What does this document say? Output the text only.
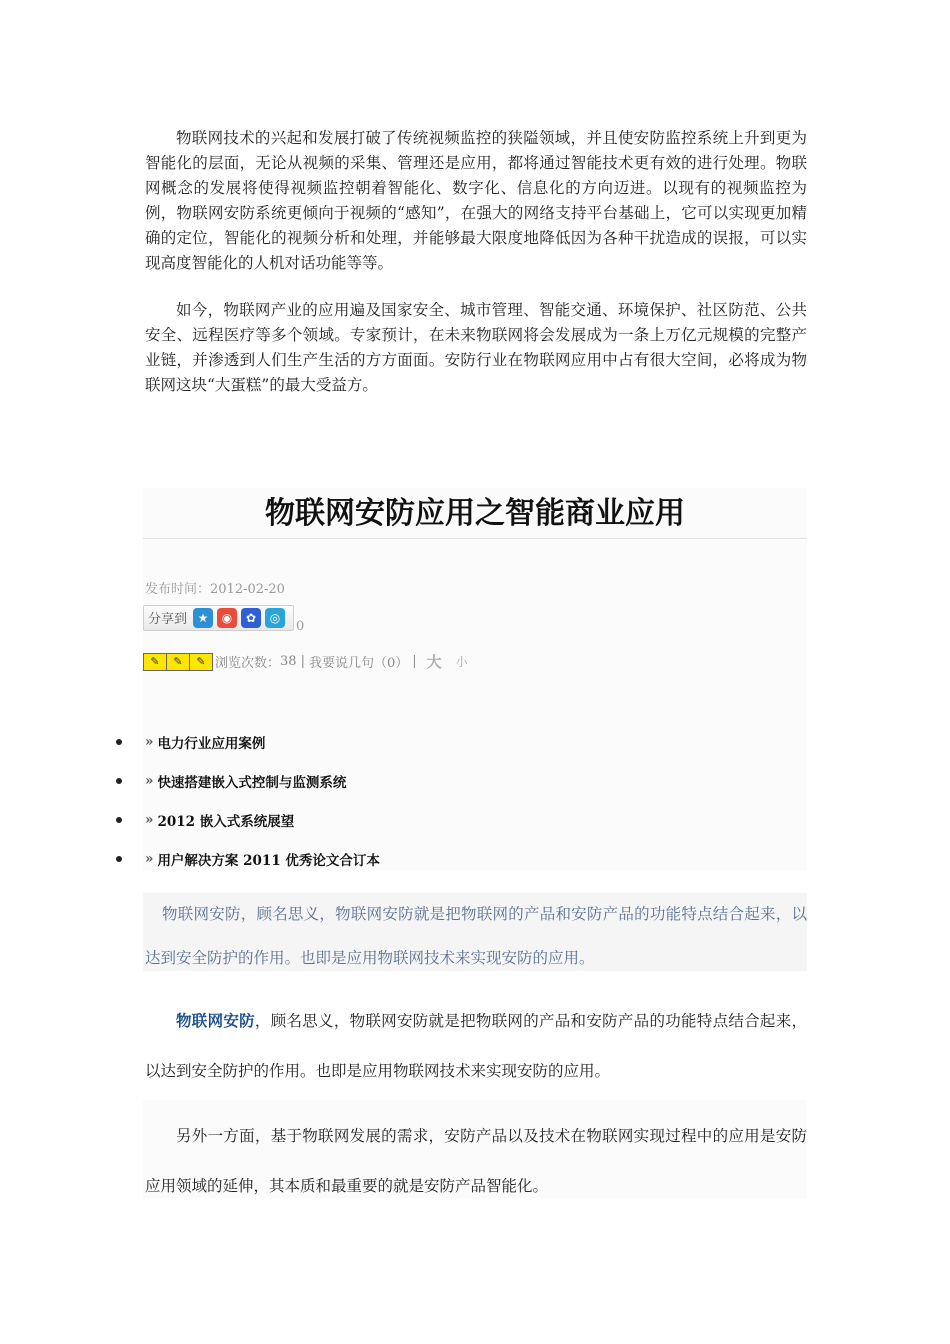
物联网技术的兴起和发展打破了传统视频监控的狭隘领域，并且使安防监控系统上升到更为智能化的层面，无论从视频的采集、管理还是应用，都将通过智能技术更有效的进行处理。物联网概念的发展将使得视频监控朝着智能化、数字化、信息化的方向迈进。以现有的视频监控为例，物联网安防系统更倾向于视频的“感知”，在强大的网络支持平台基础上，它可以实现更加精确的定位，智能化的视频分析和处理，并能够最大限度地降低因为各种干扰造成的误报，可以实现高度智能化的人机对话功能等等。

如今，物联网产业的应用遍及国家安全、城市管理、智能交通、环境保护、社区防范、公共安全、远程医疗等多个领域。专家预计，在未来物联网将会发展成为一条上万亿元规模的完整产业链，并渗透到人们生产生活的方方面面。安防行业在物联网应用中占有很大空间，必将成为物联网这块“大蛋糕”的最大受益方。

物联网安防应用之智能商业应用
发布时间：2012-02-20
分享到 ★	◉	✿	◎
0
✎	✎	✎ 浏览次数： 38 | 我要说几句（0） | 大 小
» 电力行业应用案例
» 快速搭建嵌入式控制与监测系统
» 2012 嵌入式系统展望
» 用户解决方案 2011 优秀论文合订本

物联网安防，顾名思义，物联网安防就是把物联网的产品和安防产品的功能特点结合起来，以达到安全防护的作用。也即是应用物联网技术来实现安防的应用。

物联网安防，顾名思义，物联网安防就是把物联网的产品和安防产品的功能特点结合起来，以达到安全防护的作用。也即是应用物联网技术来实现安防的应用。

另外一方面，基于物联网发展的需求，安防产品以及技术在物联网实现过程中的应用是安防应用领域的延伸，其本质和最重要的就是安防产品智能化。
